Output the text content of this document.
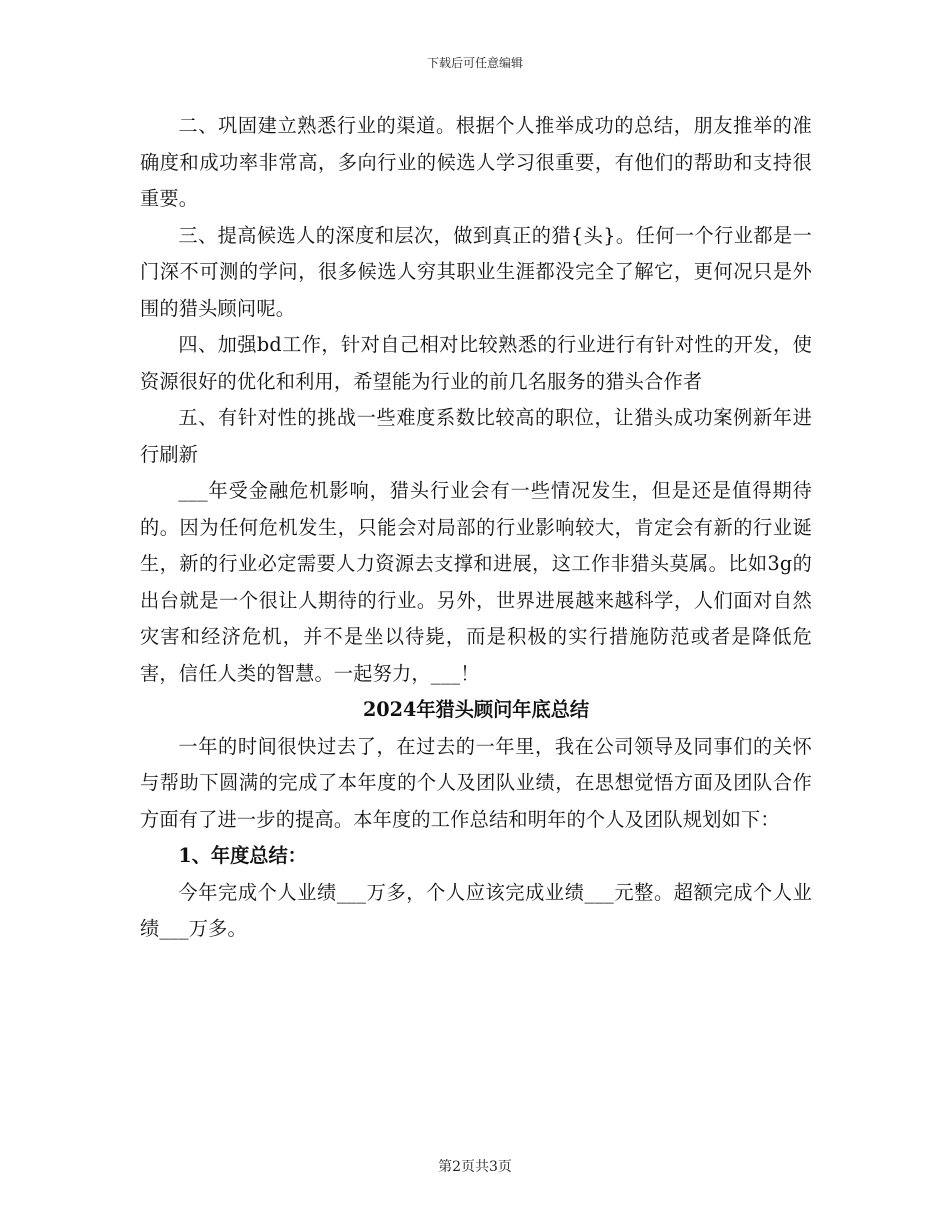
下载后可任意编辑

二、巩固建立熟悉行业的渠道。根据个人推举成功的总结，朋友推举的准确度和成功率非常高，多向行业的候选人学习很重要，有他们的帮助和支持很重要。

三、提高候选人的深度和层次，做到真正的猎{头}。任何一个行业都是一门深不可测的学问，很多候选人穷其职业生涯都没完全了解它，更何况只是外围的猎头顾问呢。

四、加强bd工作，针对自己相对比较熟悉的行业进行有针对性的开发，使资源很好的优化和利用，希望能为行业的前几名服务的猎头合作者

五、有针对性的挑战一些难度系数比较高的职位，让猎头成功案例新年进行刷新

___年受金融危机影响，猎头行业会有一些情况发生，但是还是值得期待的。因为任何危机发生，只能会对局部的行业影响较大，肯定会有新的行业诞生，新的行业必定需要人力资源去支撑和进展，这工作非猎头莫属。比如3g的出台就是一个很让人期待的行业。另外，世界进展越来越科学，人们面对自然灾害和经济危机，并不是坐以待毙，而是积极的实行措施防范或者是降低危害，信任人类的智慧。一起努力，___！

2024年猎头顾问年底总结

一年的时间很快过去了，在过去的一年里，我在公司领导及同事们的关怀与帮助下圆满的完成了本年度的个人及团队业绩，在思想觉悟方面及团队合作方面有了进一步的提高。本年度的工作总结和明年的个人及团队规划如下：

1、年度总结：

今年完成个人业绩___万多，个人应该完成业绩___元整。超额完成个人业绩___万多。

第2页共3页
